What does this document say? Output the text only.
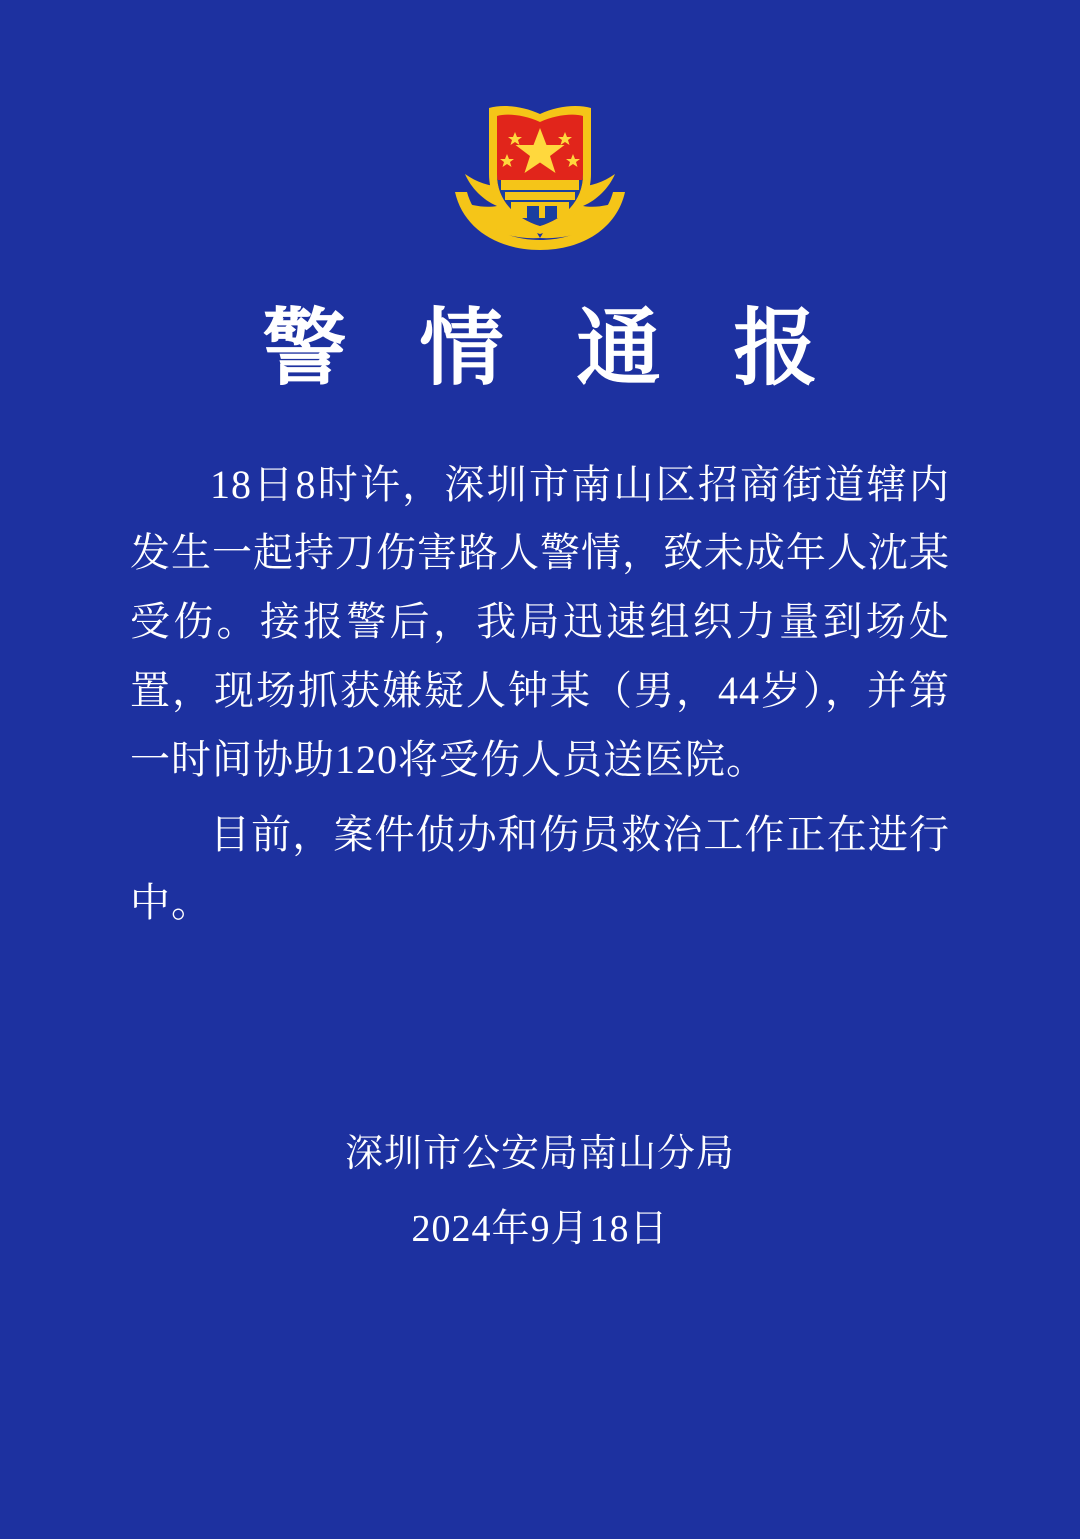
警 情 通 报

18日8时许，深圳市南山区招商街道辖内发生一起持刀伤害路人警情，致未成年人沈某受伤。接报警后，我局迅速组织力量到场处置，现场抓获嫌疑人钟某（男，44岁），并第一时间协助120将受伤人员送医院。

目前，案件侦办和伤员救治工作正在进行中。

深圳市公安局南山分局
2024年9月18日
